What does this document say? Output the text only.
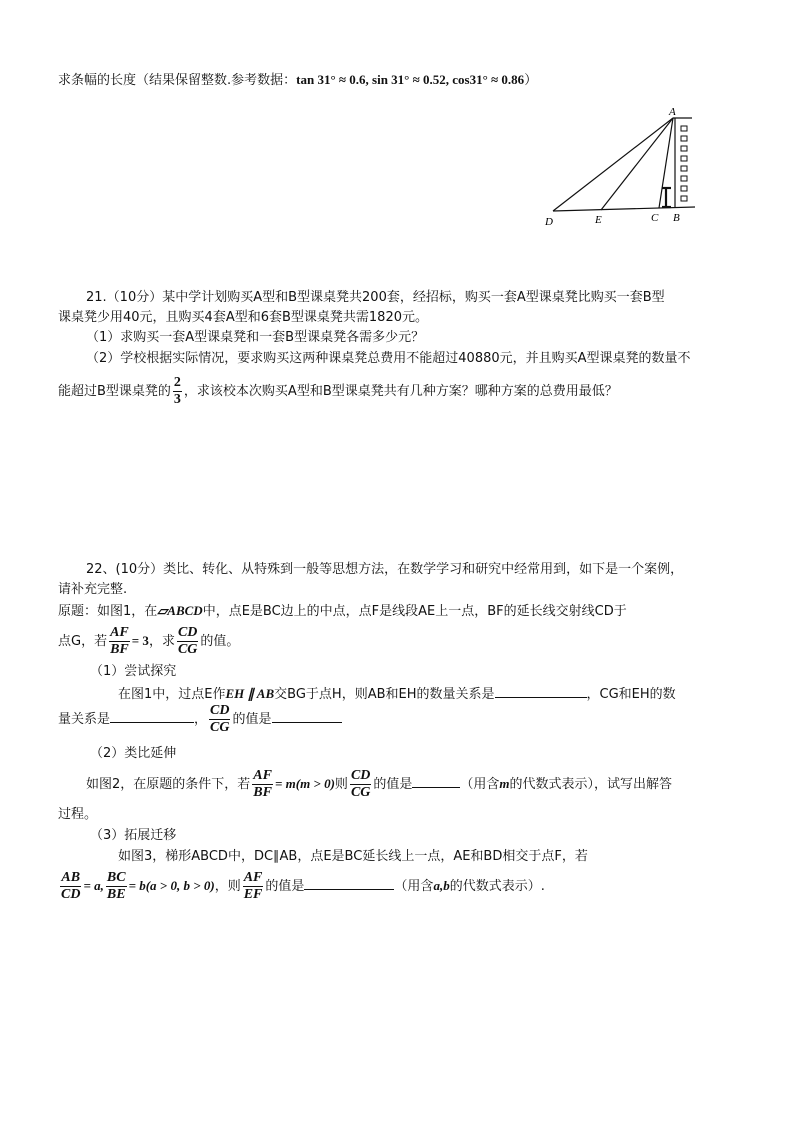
求条幅的长度（结果保留整数.参考数据：tan 31° ≈ 0.6, sin 31° ≈ 0.52, cos31° ≈ 0.86）
A
D	E	C B
21.（10分）某中学计划购买A型和B型课桌凳共200套，经招标，购买一套A型课桌凳比购买一套B型
课桌凳少用40元，且购买4套A型和6套B型课桌凳共需1820元。
（1）求购买一套A型课桌凳和一套B型课桌凳各需多少元？
（2）学校根据实际情况，要求购买这两种课桌凳总费用不能超过40880元，并且购买A型课桌凳的数量不
能超过B型课桌凳的 $\frac{2}{3}$ ，求该校本次购买A型和B型课桌凳共有几种方案？哪种方案的总费用最低？
22、(10分）类比、转化、从特殊到一般等思想方法，在数学学习和研究中经常用到，如下是一个案例，
请补充完整.
原题：如图1，在▱ABCD中，点E是BC边上的中点，点F是线段AE上一点，BF的延长线交射线CD于
点G，若 $\frac{AF}{BF} = 3$，求 $\frac{CD}{CG}$ 的值。
（1）尝试探究
在图1中，过点E作EH ∥ AB交BG于点H，则AB和EH的数量关系是	，CG和EH的数
量关系是	， $\frac{CD}{CG}$ 的值是
（2）类比延伸
如图2，在原题的条件下，若 $\frac{AF}{BF} = m(m > 0)$则 $\frac{CD}{CG}$ 的值是	（用含m的代数式表示），试写出解答
过程。
（3）拓展迁移
如图3，梯形ABCD中，DC∥AB，点E是BC延长线上一点，AE和BD相交于点F，若
$\frac{AB}{CD} = a$, $\frac{BC}{BE} = b(a > 0$, b > 0)，则 $\frac{AF}{EF}$ 的值是	（用含a,b的代数式表示）.
